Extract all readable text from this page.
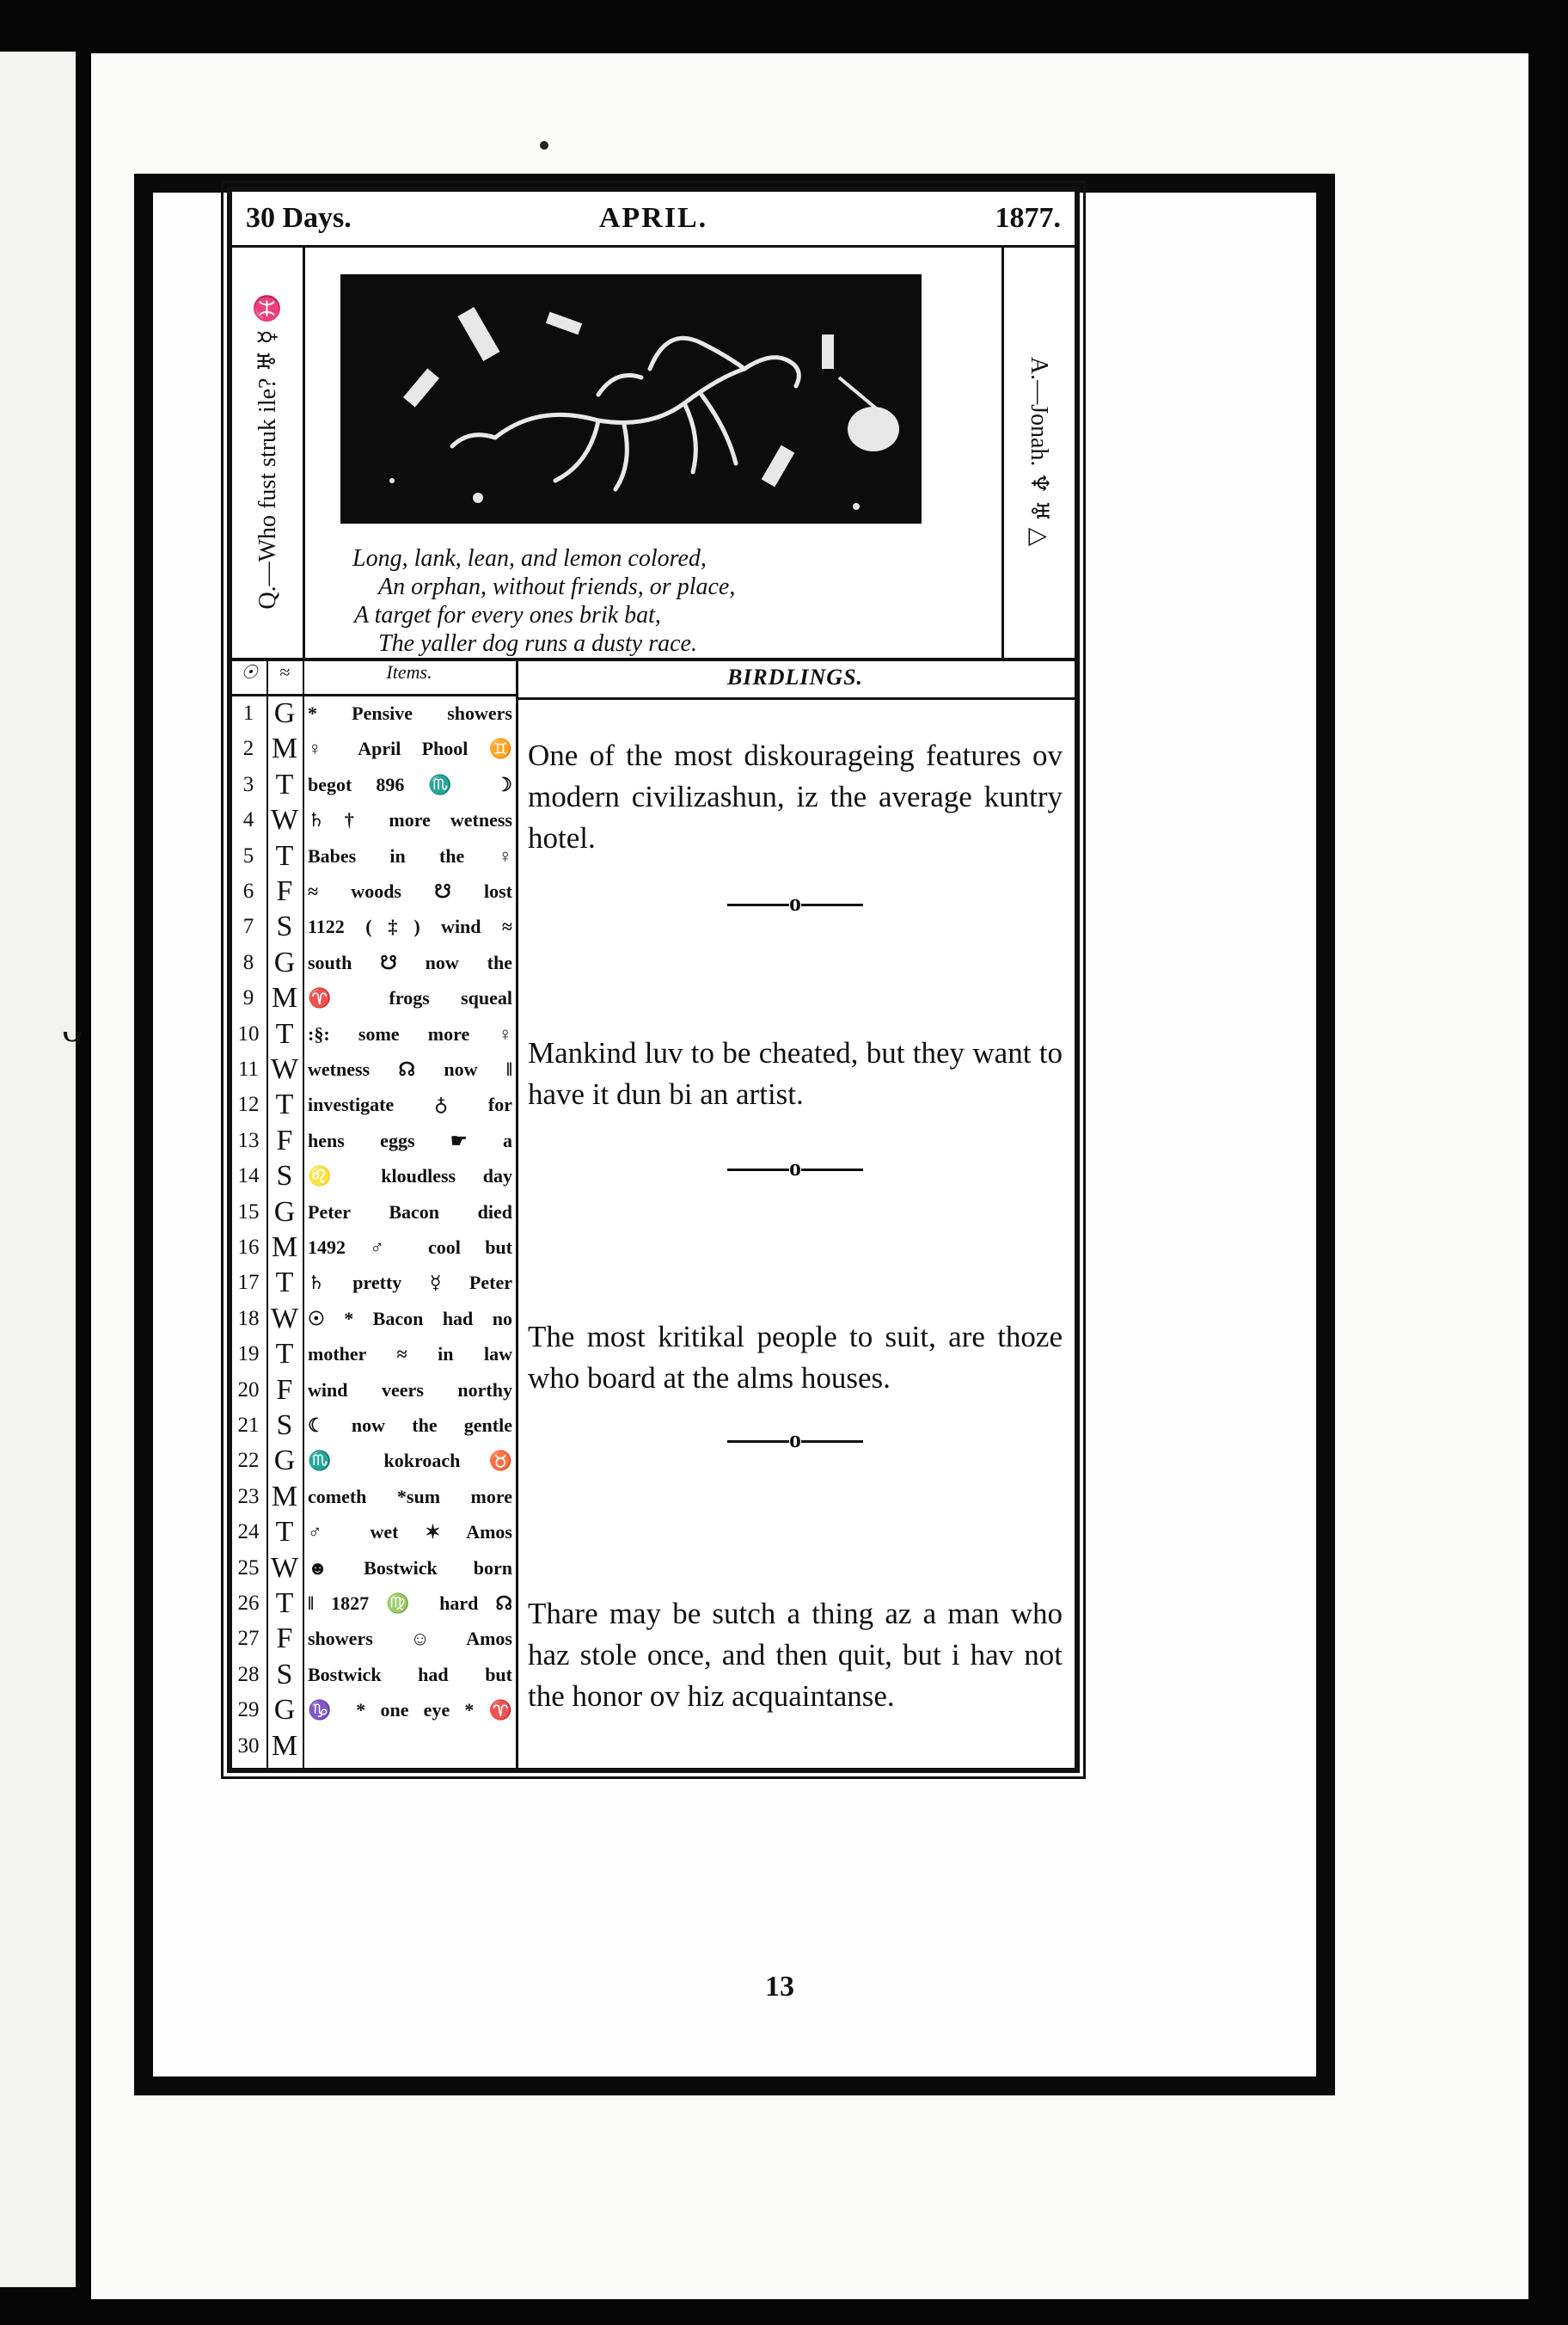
ᴗ
30 Days.	APRIL.	1877.
Q.—Who fust struk ile? ♅ ☿ ♓	A.—Jonah. ♆ ♅ △
Long, lank, lean, and lemon colored,
An orphan, without friends, or place,
A target for every ones brik bat,
The yaller dog runs a dusty race.
☉	≈	Items.	BIRDLINGS.
1 G * Pensive showers
2 M ♀ April Phool ♊
3 T begot 896 ♏ ☽
4 W ♄ † more wetness
5 T Babes in the ♀
6 F ≈ woods ☋ lost
7 S 1122 (‡) wind ≈
8 G south ☋ now the
9 M ♈ frogs squeal
10 T :§: some more ♀
11 W wetness ☊ now ‖
12 T investigate ♁ for
13 F hens eggs ☛ a
14 S ♌ kloudless day
15 G Peter Bacon died
16 M 1492 ♂ cool but
17 T ♄ pretty ☿ Peter
18 W ☉ * Bacon had no
19 T mother ≈ in law
20 F wind veers northy
21 S ☾ now the gentle
22 G ♏ kokroach ♉
23 M cometh *sum more
24 T ♂ wet ✶ Amos
25 W ☻ Bostwick born
26 T ‖ 1827 ♍ hard ☊
27 F showers ☺ Amos
28 S Bostwick had but
29 G ♑ * one eye * ♈
30 M
One of the most diskourageing features ov modern civilizashun, iz the average kuntry hotel.
o
Mankind luv to be cheated, but they want to have it dun bi an artist.
o
The most kritikal people to suit, are thoze who board at the alms houses.
o
Thare may be sutch a thing az a man who haz stole once, and then quit, but i hav not the honor ov hiz acquaintanse.
13
